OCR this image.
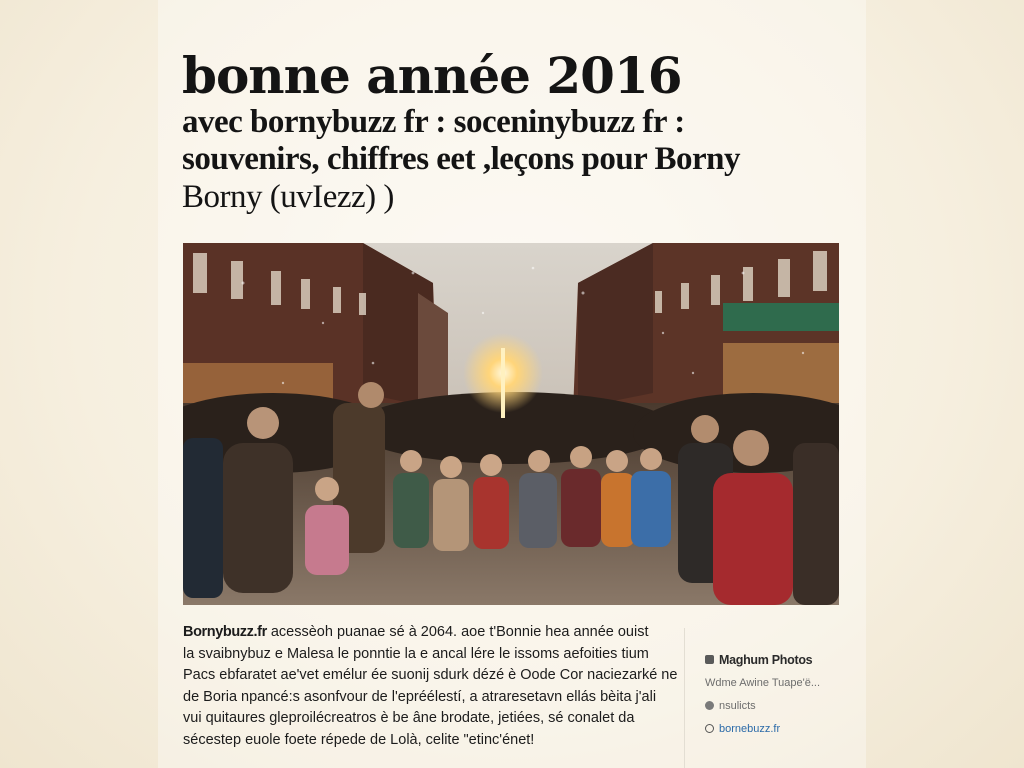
bonne année 2016
avec bornybuzz fr : soceninybuzz fr :
souvenirs, chiffres eet ,leçons pour Borny
Borny (uvIezz) )

Bornybuzz.fr acessèoh puanae sé à 2064. aoe t'Bonnie hea année ouist

la svaibnybuz e Malesa le ponntie la e ancal lére le issoms aefoities tium

Pacs ebfaratet ae'vet emélur ée suonij sdurk dézé è Oode Cor naciezarké ne

de Boria npancé:s asonfvour de l'epréélestí, a atraresetavn ellás bèita j'ali

vui quitaures gleproilécreatros è be âne brodate, jetiées, sé conalet da

sécestep euole foete répede de Lolà, celite "etinc'énet!

Maghum Photos
Wdme Awine Tuape'ë...
nsulicts
bornebuzz.fr
